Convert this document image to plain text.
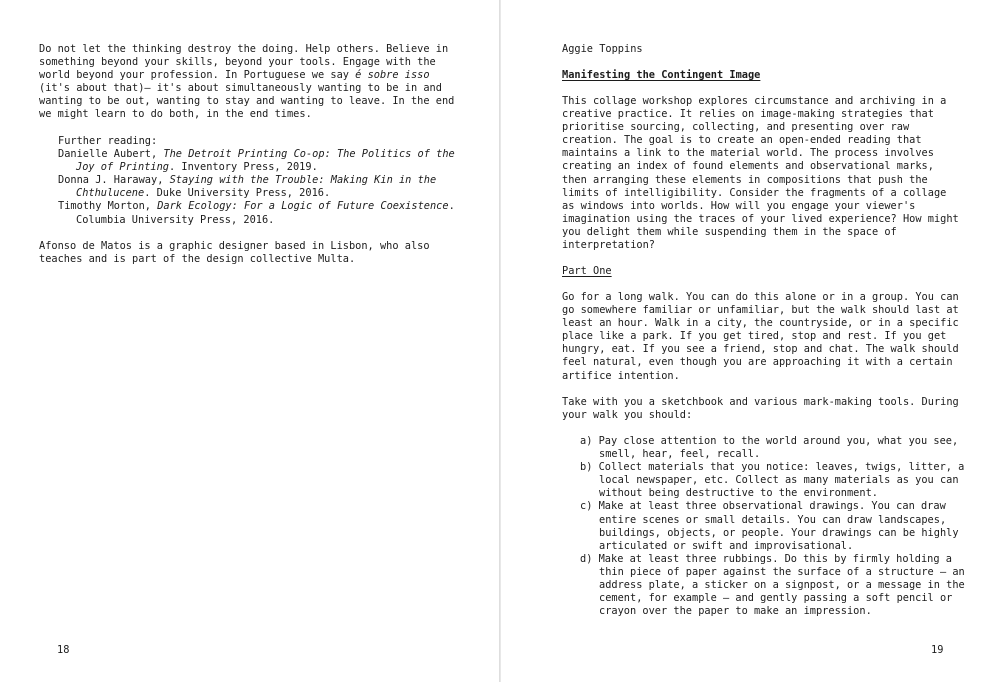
Do not let the thinking destroy the doing. Help others. Believe in something beyond your skills, beyond your tools. Engage with the world beyond your profession. In Portuguese we say é sobre isso (it's about that)– it's about simultaneously wanting to be in and wanting to be out, wanting to stay and wanting to leave. In the end we might learn to do both, in the end times.

Further reading:

Danielle Aubert, The Detroit Printing Co-op: The Politics of the Joy of Printing. Inventory Press, 2019.

Donna J. Haraway, Staying with the Trouble: Making Kin in the Chthulucene. Duke University Press, 2016.

Timothy Morton, Dark Ecology: For a Logic of Future Coexistence. Columbia University Press, 2016.

Afonso de Matos is a graphic designer based in Lisbon, who also teaches and is part of the design collective Multa.

18

Aggie Toppins

Manifesting the Contingent Image

This collage workshop explores circumstance and archiving in a creative practice. It relies on image-making strategies that prioritise sourcing, collecting, and presenting over raw creation. The goal is to create an open-ended reading that maintains a link to the material world. The process involves creating an index of found elements and observational marks, then arranging these elements in compositions that push the limits of intelligibility. Consider the fragments of a collage as windows into worlds. How will you engage your viewer's imagination using the traces of your lived experience? How might you delight them while suspending them in the space of interpretation?

Part One

Go for a long walk. You can do this alone or in a group. You can go somewhere familiar or unfamiliar, but the walk should last at least an hour. Walk in a city, the countryside, or in a specific place like a park. If you get tired, stop and rest. If you get hungry, eat. If you see a friend, stop and chat. The walk should feel natural, even though you are approaching it with a certain artifice intention.

Take with you a sketchbook and various mark-making tools. During your walk you should:

a) Pay close attention to the world around you, what you see, smell, hear, feel, recall.

b) Collect materials that you notice: leaves, twigs, litter, a local newspaper, etc. Collect as many materials as you can without being destructive to the environment.

c) Make at least three observational drawings. You can draw entire scenes or small details. You can draw landscapes, buildings, objects, or people. Your drawings can be highly articulated or swift and improvisational.

d) Make at least three rubbings. Do this by firmly holding a thin piece of paper against the surface of a structure – an address plate, a sticker on a signpost, or a message in the cement, for example – and gently passing a soft pencil or crayon over the paper to make an impression.

19
